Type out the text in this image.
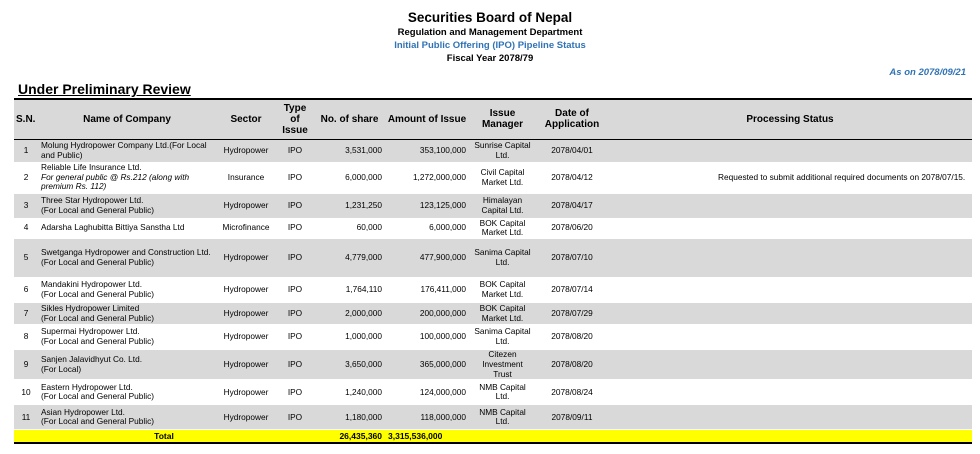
Securities Board of Nepal
Regulation and Management Department
Initial Public Offering (IPO) Pipeline Status
Fiscal Year 2078/79
As on 2078/09/21
Under Preliminary Review
S.N.	Name of Company	Sector	Type of Issue	No. of share	Amount of Issue	Issue Manager	Date of Application	Processing Status
1	Molung Hydropower Company Ltd.(For Local and Public)	Hydropower	IPO	3,531,000	353,100,000	Sunrise Capital Ltd.	2078/04/01	
2	Reliable Life Insurance Ltd.
For general public @ Rs.212 (along with premium Rs. 112)	Insurance	IPO	6,000,000	1,272,000,000	Civil Capital Market Ltd.	2078/04/12	Requested to submit additional required documents on 2078/07/15.
3	Three Star Hydropower Ltd.
(For Local and General Public)	Hydropower	IPO	1,231,250	123,125,000	Himalayan Capital Ltd.	2078/04/17	
4	Adarsha Laghubitta Bittiya Sanstha Ltd	Microfinance	IPO	60,000	6,000,000	BOK Capital Market Ltd.	2078/06/20	
5	Swetganga Hydropower and Construction Ltd.
(For Local and General Public)	Hydropower	IPO	4,779,000	477,900,000	Sanima Capital Ltd.	2078/07/10	
6	Mandakini Hydropower Ltd.
(For Local and General Public)	Hydropower	IPO	1,764,110	176,411,000	BOK Capital Market Ltd.	2078/07/14	
7	Sikles Hydropower Limited
(For Local and General Public)	Hydropower	IPO	2,000,000	200,000,000	BOK Capital Market Ltd.	2078/07/29	
8	Supermai Hydropower Ltd.
(For Local and General Public)	Hydropower	IPO	1,000,000	100,000,000	Sanima Capital Ltd.	2078/08/20	
9	Sanjen Jalavidhyut Co. Ltd.
(For Local)	Hydropower	IPO	3,650,000	365,000,000	Citezen Investment Trust	2078/08/20	
10	Eastern Hydropower Ltd.
(For Local and General Public)	Hydropower	IPO	1,240,000	124,000,000	NMB Capital Ltd.	2078/08/24	
11	Asian Hydropower Ltd.
(For Local and General Public)	Hydropower	IPO	1,180,000	118,000,000	NMB Capital Ltd.	2078/09/11	
Total				26,435,360	3,315,536,000			
